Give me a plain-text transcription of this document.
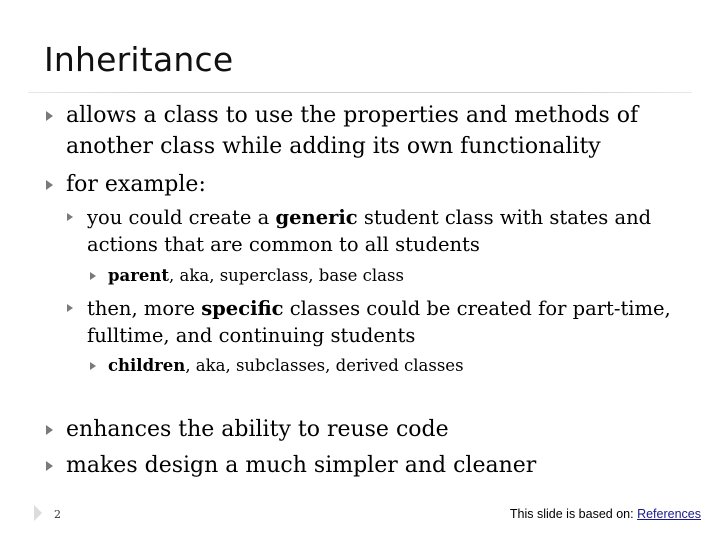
Inheritance
allows a class to use the properties and methods of another class while adding its own functionality
for example:
you could create a generic student class with states and actions that are common to all students
parent, aka, superclass, base class
then, more specific classes could be created for part-time, fulltime, and continuing students
children, aka, subclasses, derived classes
enhances the ability to reuse code
makes design a much simpler and cleaner
2	This slide is based on: References
